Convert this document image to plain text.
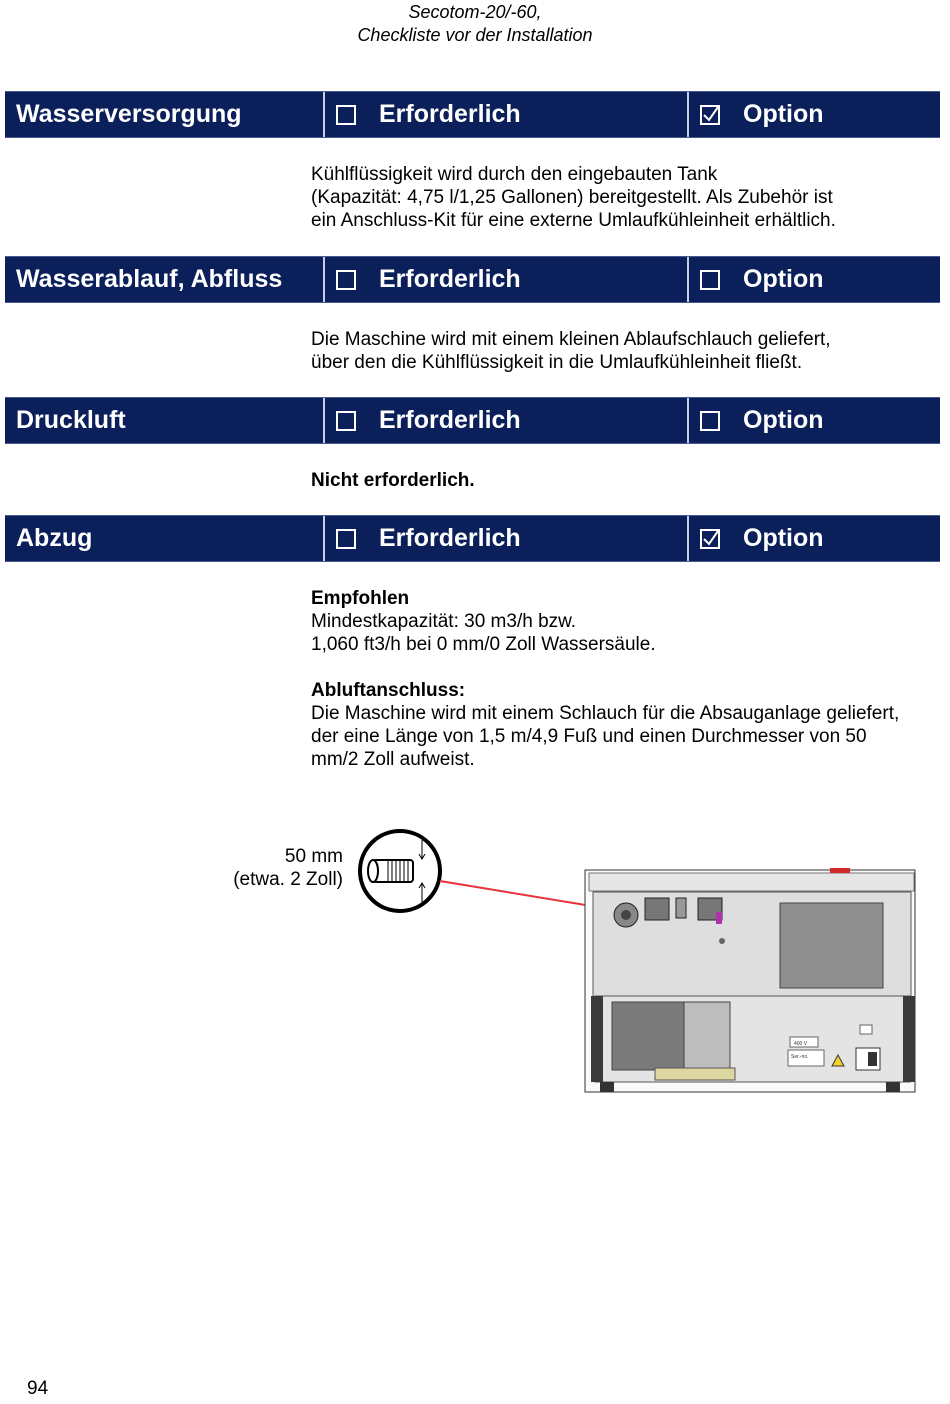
Secotom-20/-60,
Checkliste vor der Installation
Wasserversorgung	Erforderlich	Option
Kühlflüssigkeit wird durch den eingebauten Tank
(Kapazität: 4,75 l/1,25 Gallonen) bereitgestellt. Als Zubehör ist
ein Anschluss-Kit für eine externe Umlaufkühleinheit erhältlich.
Wasserablauf, Abfluss	Erforderlich	Option
Die Maschine wird mit einem kleinen Ablaufschlauch geliefert,
über den die Kühlflüssigkeit in die Umlaufkühleinheit fließt.
Druckluft	Erforderlich	Option
Nicht erforderlich.
Abzug	Erforderlich	Option
Empfohlen
Mindestkapazität: 30 m3/h bzw.
1,060 ft3/h bei 0 mm/0 Zoll Wassersäule.
Abluftanschluss:
Die Maschine wird mit einem Schlauch für die Absauganlage geliefert,
der eine Länge von 1,5 m/4,9 Fuß und einen Durchmesser von 50
mm/2 Zoll aufweist.
50 mm
(etwa. 2 Zoll)
400 V
Ser.-no.
94
